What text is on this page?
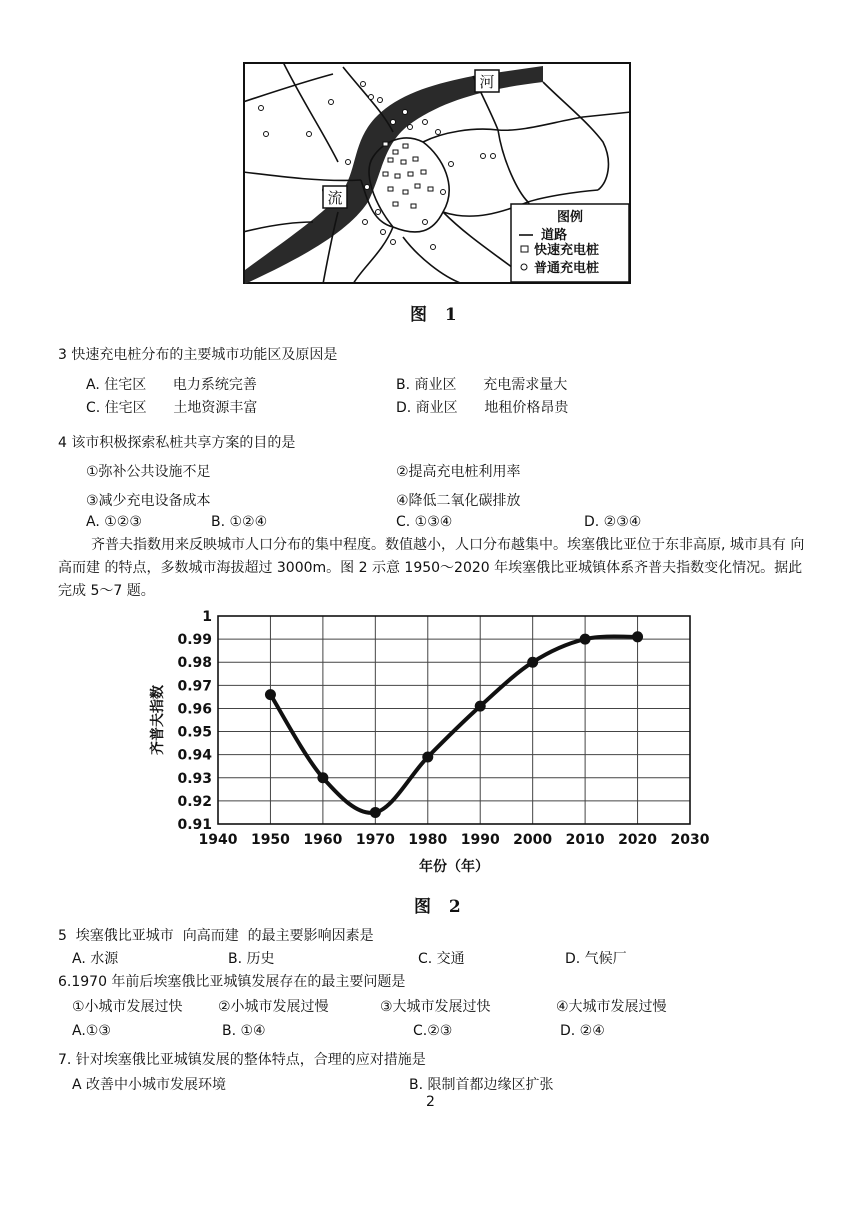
河
流
图例
道路
快速充电桩
普通充电桩
图 1
3 快速充电桩分布的主要城市功能区及原因是
A. 住宅区      电力系统完善	B. 商业区      充电需求量大
C. 住宅区      土地资源丰富	D. 商业区      地租价格昂贵
4 该市积极探索私桩共享方案的目的是
①弥补公共设施不足	②提高充电桩利用率
③减少充电设备成本	④降低二氧化碳排放
A. ①②③	B. ①②④	C. ①③④	D. ②③④
齐普夫指数用来反映城市人口分布的集中程度。数值越小，人口分布越集中。埃塞俄比亚位于东非高原, 城市具有 向高而建 的特点，多数城市海拔超过 3000m。图 2 示意 1950～2020 年埃塞俄比亚城镇体系齐普夫指数变化情况。据此完成 5～7 题。
1940 1950 1960 1970 1980 1990 2000 2010 2020 2030
0.91
0.92
0.93
0.94
0.95
0.96
0.97
0.98
0.99
1
年份（年）
齐普夫指数
图 2
5  埃塞俄比亚城市  向高而建  的最主要影响因素是
A. 水源	B. 历史	C. 交通	D. 气候厂
6.1970 年前后埃塞俄比亚城镇发展存在的最主要问题是
①小城市发展过快	②小城市发展过慢	③大城市发展过快	④大城市发展过慢
A.①③	B. ①④	C.②③	D. ②④
7. 针对埃塞俄比亚城镇发展的整体特点，合理的应对措施是
A 改善中小城市发展环境	B. 限制首都边缘区扩张
2
